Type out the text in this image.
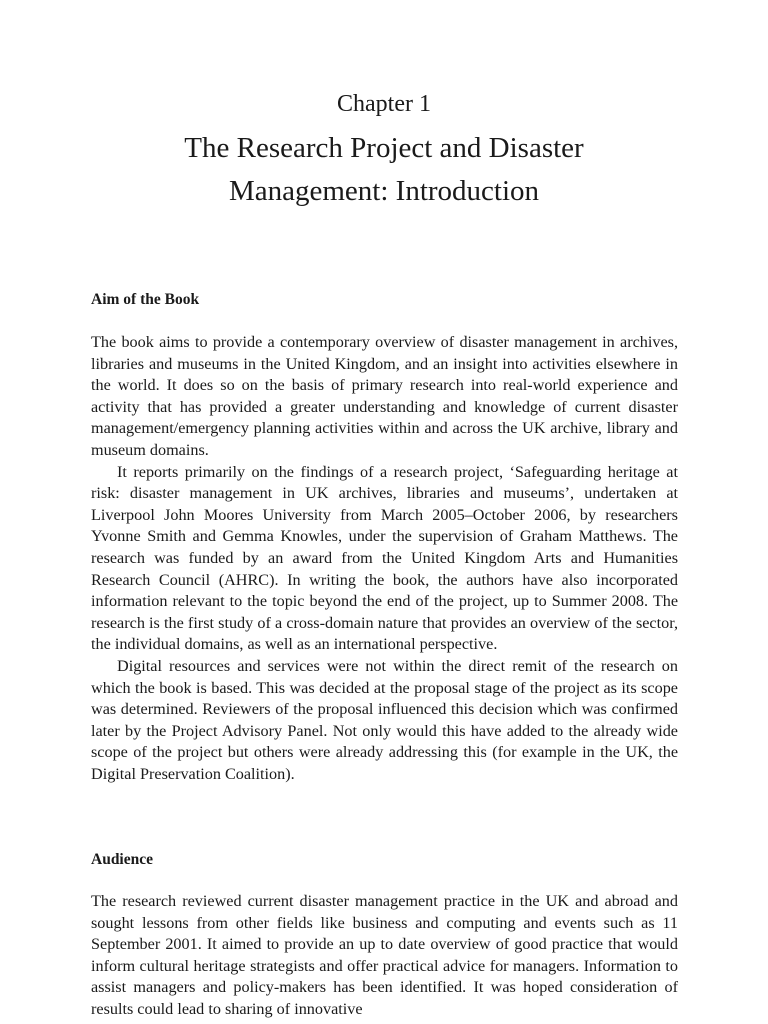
Chapter 1
The Research Project and Disaster
Management: Introduction
Aim of the Book

The book aims to provide a contemporary overview of disaster management in archives, libraries and museums in the United Kingdom, and an insight into activities elsewhere in the world. It does so on the basis of primary research into real-world experience and activity that has provided a greater understanding and knowledge of current disaster management/emergency planning activities within and across the UK archive, library and museum domains.

It reports primarily on the findings of a research project, ‘Safeguarding heritage at risk: disaster management in UK archives, libraries and museums’, undertaken at Liverpool John Moores University from March 2005–October 2006, by researchers Yvonne Smith and Gemma Knowles, under the supervision of Graham Matthews. The research was funded by an award from the United Kingdom Arts and Humanities Research Council (AHRC). In writing the book, the authors have also incorporated information relevant to the topic beyond the end of the project, up to Summer 2008. The research is the first study of a cross-domain nature that provides an overview of the sector, the individual domains, as well as an international perspective.

Digital resources and services were not within the direct remit of the research on which the book is based. This was decided at the proposal stage of the project as its scope was determined. Reviewers of the proposal influenced this decision which was confirmed later by the Project Advisory Panel. Not only would this have added to the already wide scope of the project but others were already addressing this (for example in the UK, the Digital Preservation Coalition).

Audience

The research reviewed current disaster management practice in the UK and abroad and sought lessons from other fields like business and computing and events such as 11 September 2001. It aimed to provide an up to date overview of good practice that would inform cultural heritage strategists and offer practical advice for managers. Information to assist managers and policy-makers has been identified. It was hoped consideration of results could lead to sharing of innovative
